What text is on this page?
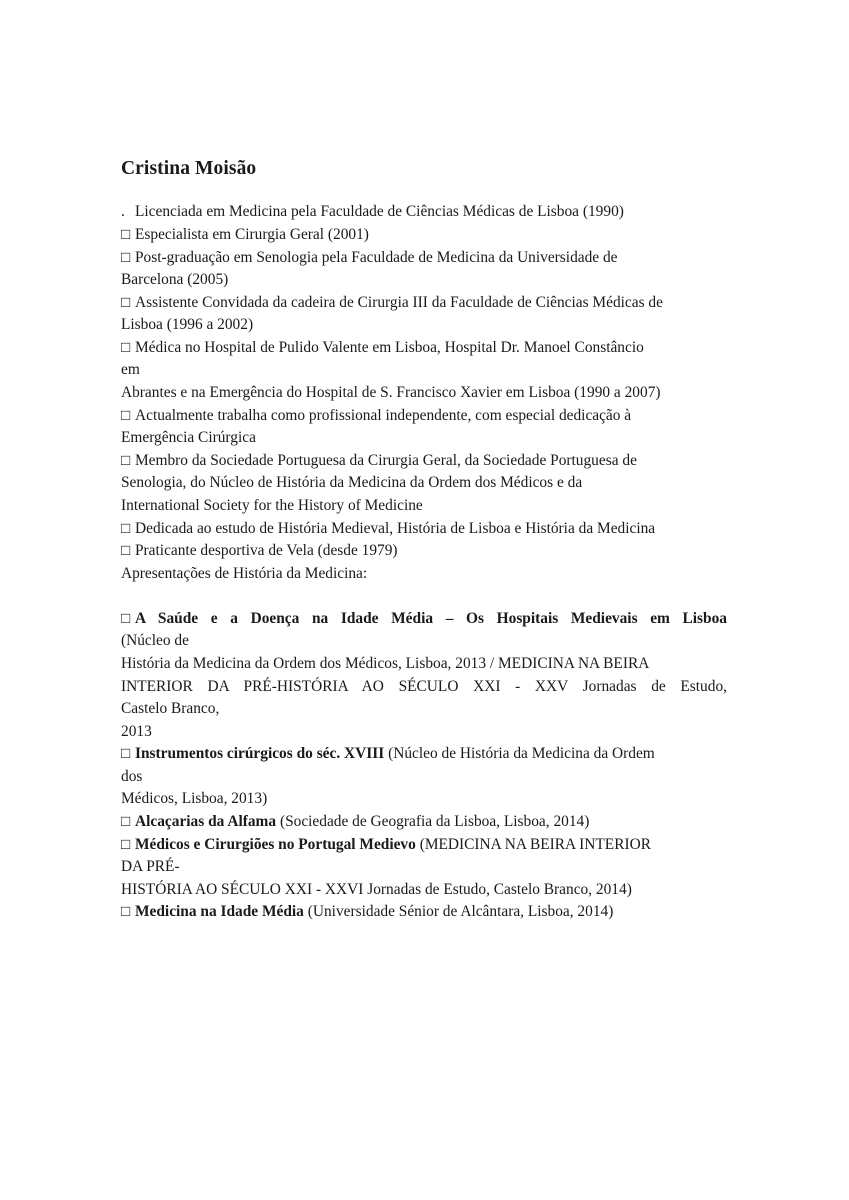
Cristina Moisão
. Licenciada em Medicina pela Faculdade de Ciências Médicas de Lisboa (1990)
□ Especialista em Cirurgia Geral (2001)
□ Post-graduação em Senologia pela Faculdade de Medicina da Universidade de
Barcelona (2005)
□ Assistente Convidada da cadeira de Cirurgia III da Faculdade de Ciências Médicas de
Lisboa (1996 a 2002)
□ Médica no Hospital de Pulido Valente em Lisboa, Hospital Dr. Manoel Constâncio
em
Abrantes e na Emergência do Hospital de S. Francisco Xavier em Lisboa (1990 a 2007)
□ Actualmente trabalha como profissional independente, com especial dedicação à
Emergência Cirúrgica
□ Membro da Sociedade Portuguesa da Cirurgia Geral, da Sociedade Portuguesa de
Senologia, do Núcleo de História da Medicina da Ordem dos Médicos e da
International Society for the History of Medicine
□ Dedicada ao estudo de História Medieval, História de Lisboa e História da Medicina
□ Praticante desportiva de Vela (desde 1979)
Apresentações de História da Medicina:
□ A Saúde e a Doença na Idade Média – Os Hospitais Medievais em Lisboa
(Núcleo de
História da Medicina da Ordem dos Médicos, Lisboa, 2013 / MEDICINA NA BEIRA
INTERIOR DA PRÉ-HISTÓRIA AO SÉCULO XXI - XXV Jornadas de Estudo,
Castelo Branco,
2013
□ Instrumentos cirúrgicos do séc. XVIII (Núcleo de História da Medicina da Ordem
dos
Médicos, Lisboa, 2013)
□ Alcaçarias da Alfama (Sociedade de Geografia da Lisboa, Lisboa, 2014)
□ Médicos e Cirurgiões no Portugal Medievo (MEDICINA NA BEIRA INTERIOR
DA PRÉ-
HISTÓRIA AO SÉCULO XXI - XXVI Jornadas de Estudo, Castelo Branco, 2014)
□ Medicina na Idade Média (Universidade Sénior de Alcântara, Lisboa, 2014)
